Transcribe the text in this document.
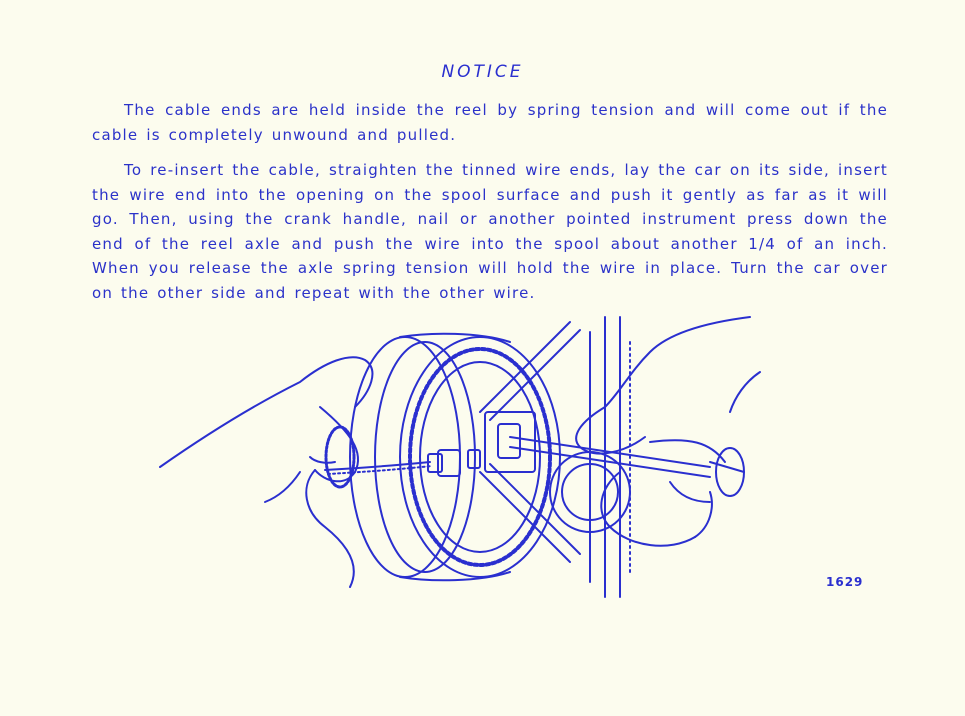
NOTICE

The cable ends are held inside the reel by spring tension and will come out if the cable is completely unwound and pulled.

To re-insert the cable, straighten the tinned wire ends, lay the car on its side, insert the wire end into the opening on the spool surface and push it gently as far as it will go. Then, using the crank handle, nail or another pointed instrument press down the end of the reel axle and push the wire into the spool about another 1/4 of an inch. When you release the axle spring tension will hold the wire in place. Turn the car over on the other side and repeat with the other wire.

1629
